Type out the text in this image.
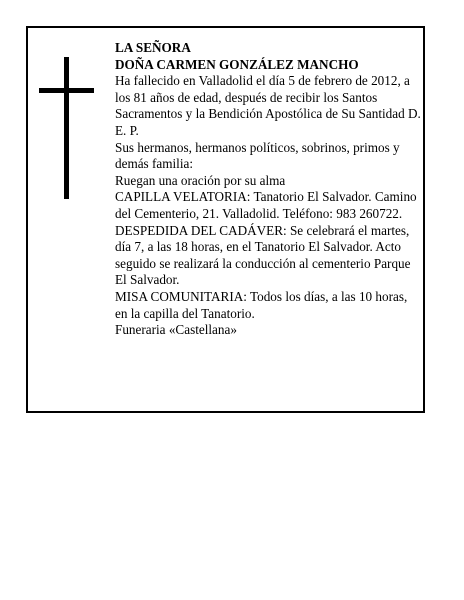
LA SEÑORA

DOÑA CARMEN GONZÁLEZ MANCHO

Ha fallecido en Valladolid el día 5 de febrero de 2012, a los 81 años de edad, después de recibir los Santos Sacramentos y la Bendición Apostólica de Su Santidad D. E. P.

Sus hermanos, hermanos políticos, sobrinos, primos y demás familia:

Ruegan una oración por su alma

CAPILLA VELATORIA: Tanatorio El Salvador. Camino del Cementerio, 21. Valladolid. Teléfono: 983 260722.

DESPEDIDA DEL CADÁVER: Se celebrará el martes, día 7, a las 18 horas, en el Tanatorio El Salvador. Acto seguido se realizará la conducción al cementerio Parque El Salvador.

MISA COMUNITARIA: Todos los días, a las 10 horas, en la capilla del Tanatorio.

Funeraria «Castellana»
